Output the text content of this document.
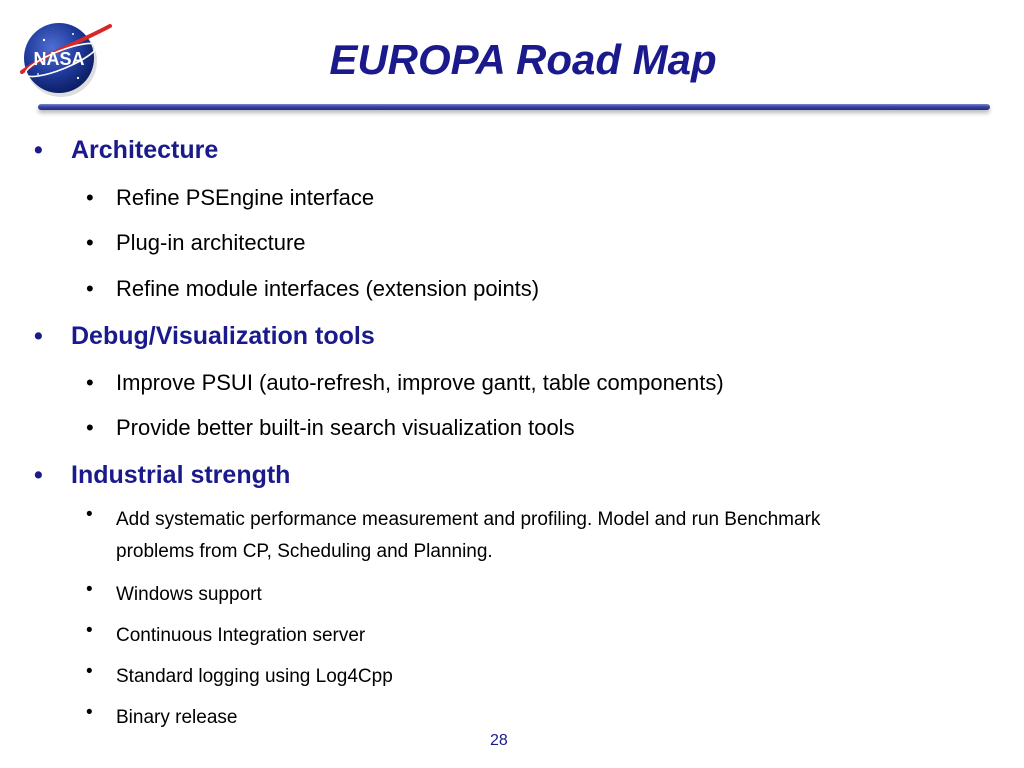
NASA	EUROPA Road Map
• Architecture
• Refine PSEngine interface
• Plug-in architecture
• Refine module interfaces (extension points)
• Debug/Visualization tools
• Improve PSUI (auto-refresh, improve gantt, table components)
• Provide better built-in search visualization tools
• Industrial strength
• Add systematic performance measurement and profiling. Model and run Benchmark
problems from CP, Scheduling and Planning.
• Windows support
• Continuous Integration server
• Standard logging using Log4Cpp
• Binary release
28
